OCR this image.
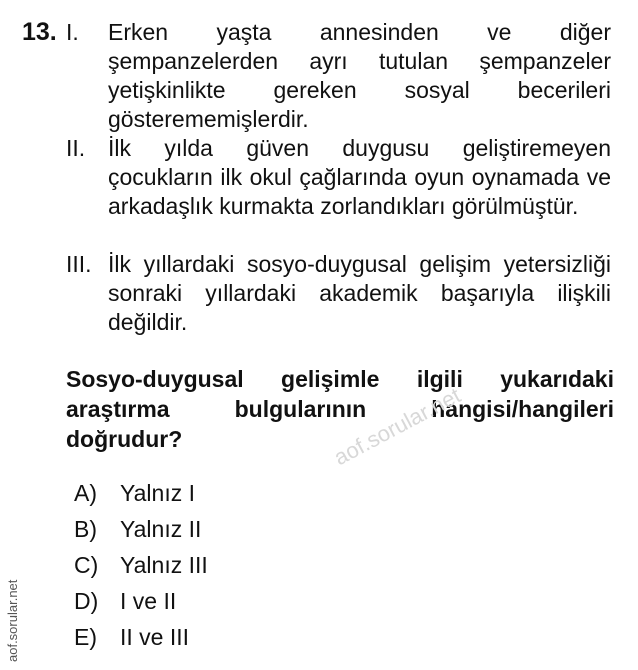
13. I. Erken yaşta annesinden ve diğer şempanzelerden ayrı tutulan şempanzeler yetişkinlikte gereken sosyal becerileri gösterememişlerdir.
II. İlk yılda güven duygusu geliştiremeyen çocukların ilk okul çağlarında oyun oynamada ve arkadaşlık kurmakta zorlandıkları görülmüştür.
III. İlk yıllardaki sosyo-duygusal gelişim yetersizliği sonraki yıllardaki akademik başarıyla ilişkili değildir.
Sosyo-duygusal gelişimle ilgili yukarıdaki araştırma bulgularının hangisi/hangileri doğrudur?	aof.sorular.net
A) Yalnız I
B) Yalnız II
C) Yalnız III
D) I ve II
E) II ve III
aof.sorular.net
